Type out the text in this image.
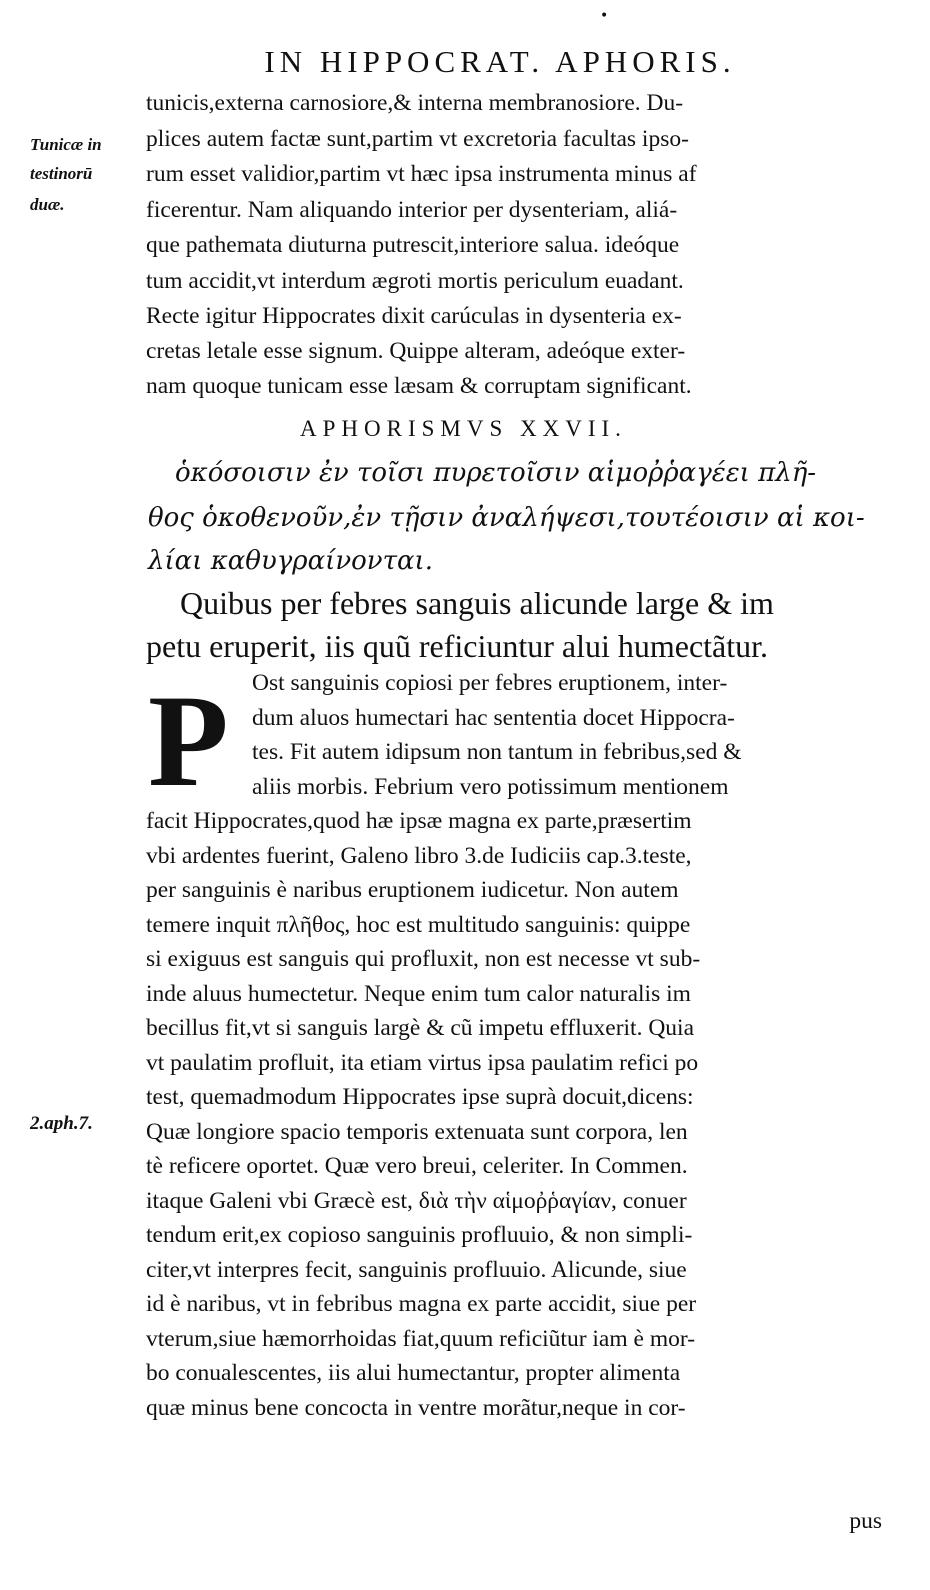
•
IN HIPPOCRAT. APHORIS.
tunicis,externa carnosiore,& interna membranosiore. Du-
plices autem factæ sunt,partim vt excretoria facultas ipso-
rum esset validior,partim vt hæc ipsa instrumenta minus af
ficerentur. Nam aliquando interior per dysenteriam, aliá-
que pathemata diuturna putrescit,interiore salua. ideóque
tum accidit,vt interdum ægroti mortis periculum euadant.
Recte igitur Hippocrates dixit carúculas in dysenteria ex-
cretas letale esse signum. Quippe alteram, adeóque exter-
nam quoque tunicam esse læsam & corruptam significant.
Tunicæ in
testinorū
duæ.
APHORISMVS XXVII.
ὁκόσοισιν ἐν τοῖσι πυρετοῖσιν αἱμοῤῥαγέει πλῆ-
θος ὁκοθενοῦν,ἐν τῇσιν ἀναλήψεσι,τουτέοισιν αἱ κοι-
λίαι καθυγραίνονται.
Quibus per febres sanguis alicunde large & im
petu eruperit, iis quũ reficiuntur alui humectãtur.
P Ost sanguinis copiosi per febres eruptionem, inter-
dum aluos humectari hac sententia docet Hippocra-
tes. Fit autem idipsum non tantum in febribus,sed &
aliis morbis. Febrium vero potissimum mentionem
facit Hippocrates,quod hæ ipsæ magna ex parte,præsertim
vbi ardentes fuerint, Galeno libro 3.de Iudiciis cap.3.teste,
per sanguinis è naribus eruptionem iudicetur. Non autem
temere inquit πλῆθος, hoc est multitudo sanguinis: quippe
si exiguus est sanguis qui profluxit, non est necesse vt sub-
inde aluus humectetur. Neque enim tum calor naturalis im
becillus fit,vt si sanguis largè & cũ impetu effluxerit. Quia
vt paulatim profluit, ita etiam virtus ipsa paulatim refici po
test, quemadmodum Hippocrates ipse suprà docuit,dicens:
Quæ longiore spacio temporis extenuata sunt corpora, len
tè reficere oportet. Quæ vero breui, celeriter. In Commen.
itaque Galeni vbi Græcè est, διὰ τὴν αἱμοῤῥαγίαν, conuer
tendum erit,ex copioso sanguinis profluuio, & non simpli-
citer,vt interpres fecit, sanguinis profluuio. Alicunde, siue
id è naribus, vt in febribus magna ex parte accidit, siue per
vterum,siue hæmorrhoidas fiat,quum reficiũtur iam è mor-
bo conualescentes, iis alui humectantur, propter alimenta
quæ minus bene concocta in ventre morãtur,neque in cor-
2.aph.7.
pus
